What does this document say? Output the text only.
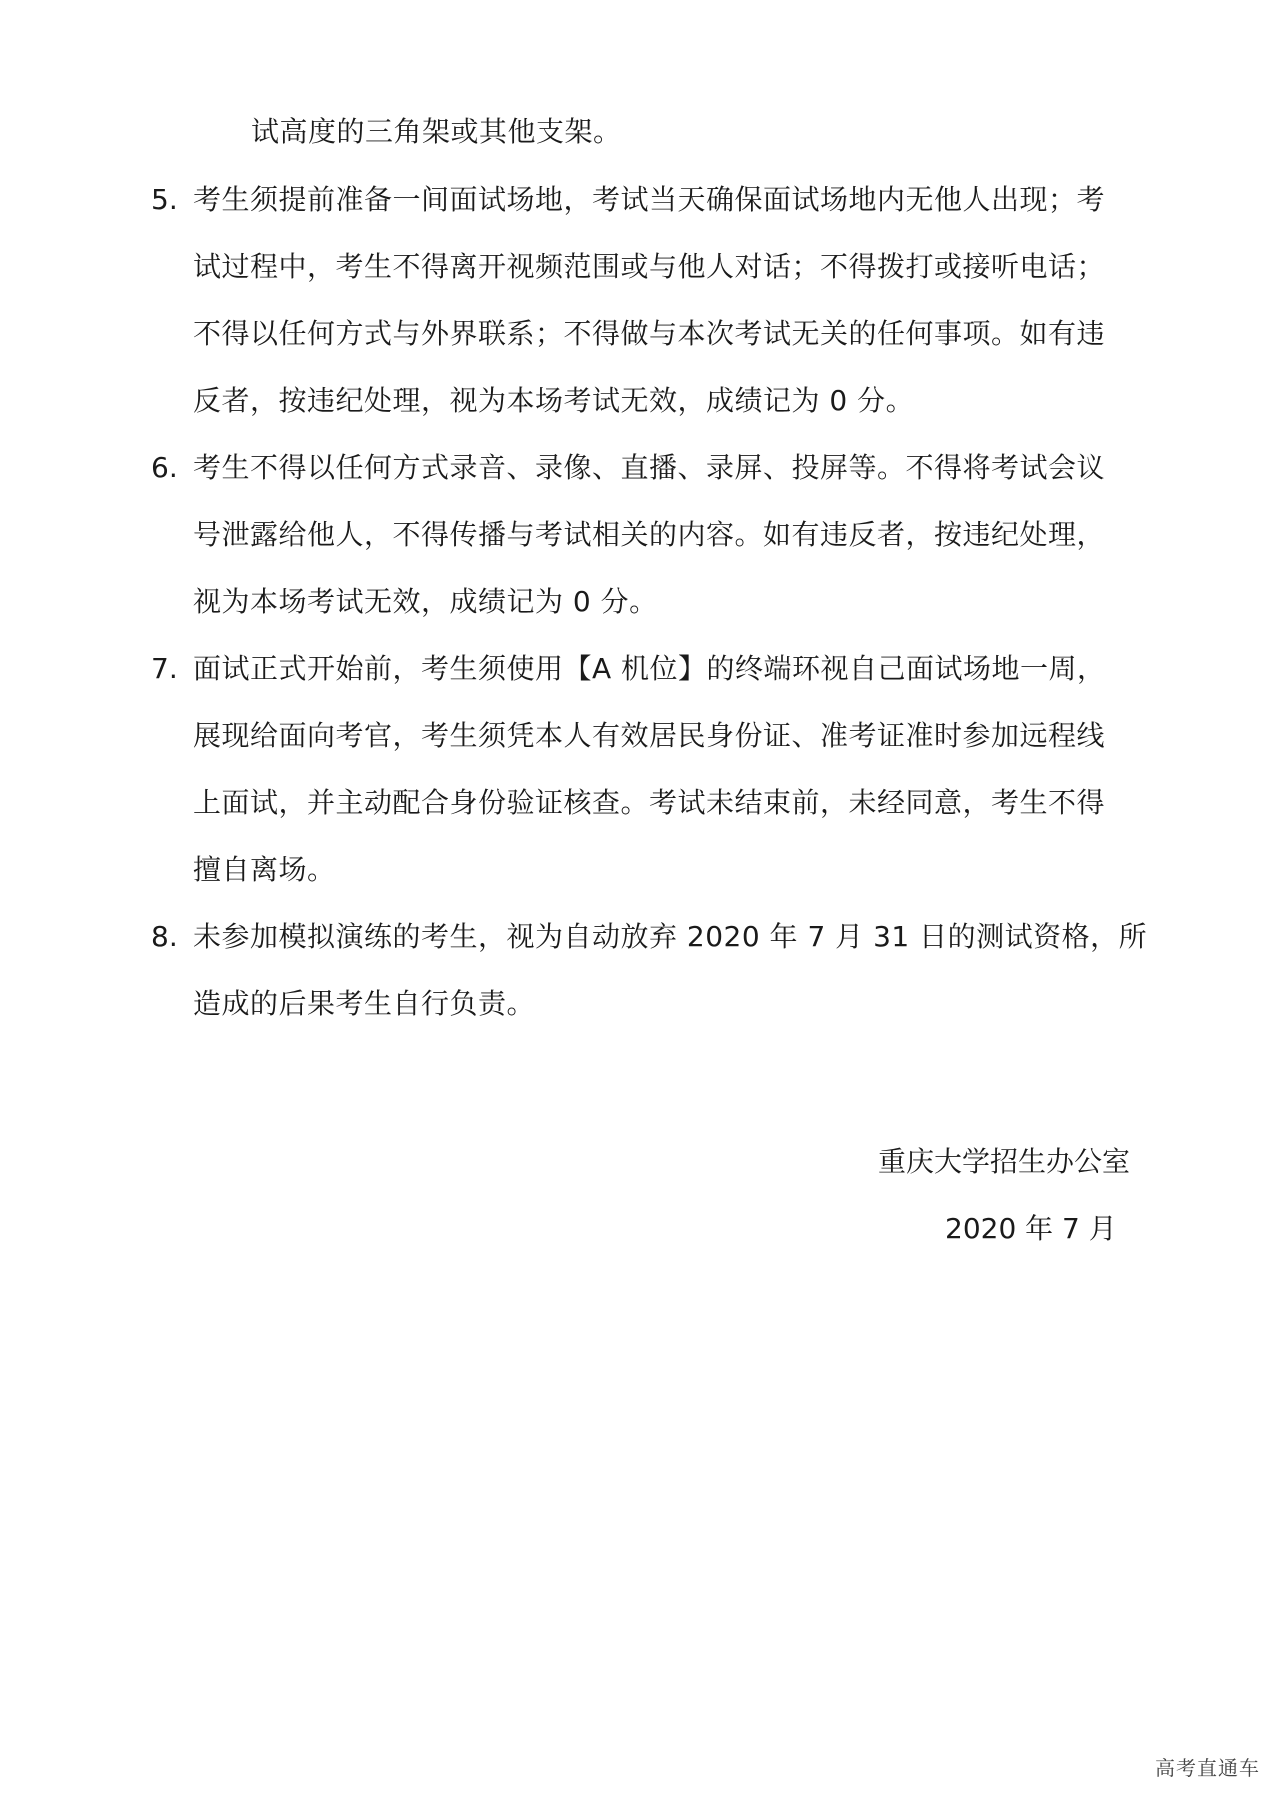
试高度的三角架或其他支架。
5. 考生须提前准备一间面试场地，考试当天确保面试场地内无他人出现；考
试过程中，考生不得离开视频范围或与他人对话；不得拨打或接听电话；
不得以任何方式与外界联系；不得做与本次考试无关的任何事项。如有违
反者，按违纪处理，视为本场考试无效，成绩记为 0 分。
6. 考生不得以任何方式录音、录像、直播、录屏、投屏等。不得将考试会议
号泄露给他人，不得传播与考试相关的内容。如有违反者，按违纪处理，
视为本场考试无效，成绩记为 0 分。
7. 面试正式开始前，考生须使用【A 机位】的终端环视自己面试场地一周，
展现给面向考官，考生须凭本人有效居民身份证、准考证准时参加远程线
上面试，并主动配合身份验证核查。考试未结束前，未经同意，考生不得
擅自离场。
8. 未参加模拟演练的考生，视为自动放弃 2020 年 7 月 31 日的测试资格，所
造成的后果考生自行负责。
重庆大学招生办公室
2020 年 7 月
高考直通车
